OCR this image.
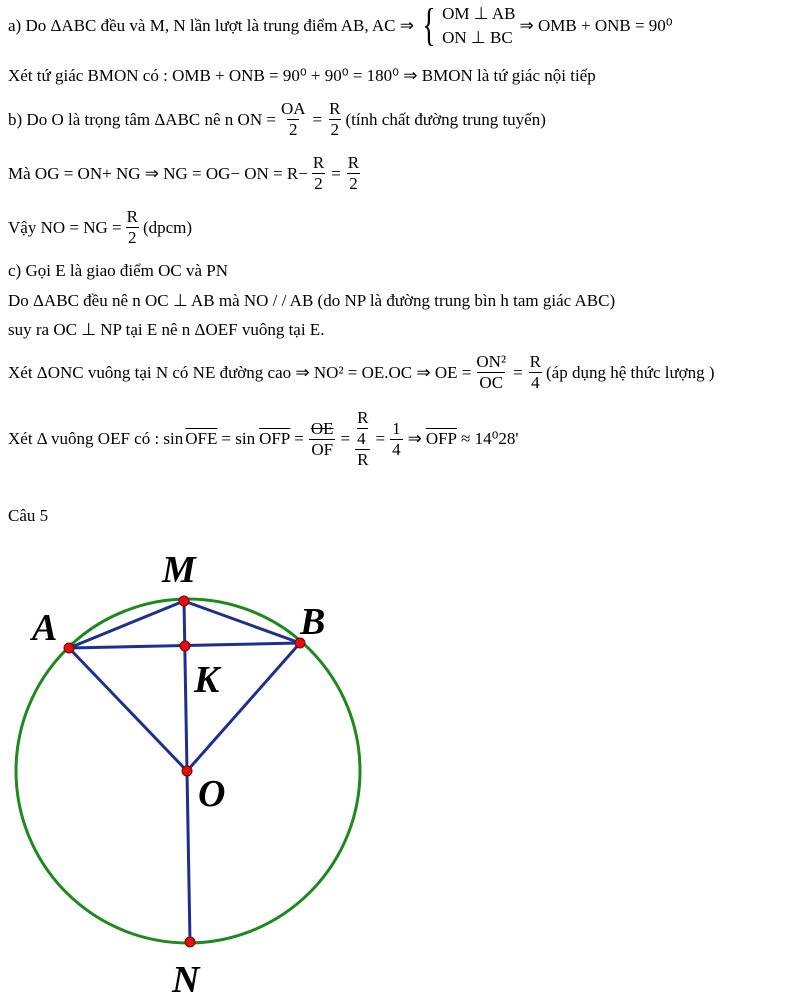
a) Do ΔABC đều và M, N lần lượt là trung điểm AB, AC ⇒ { OM ⊥ AB
ON ⊥ BC
⇒ OMB + ONB = 90⁰
Xét tứ giác BMON có : OMB + ONB = 90⁰ + 90⁰ = 180⁰ ⇒ BMON là tứ giác nội tiếp
b) Do O là trọng tâm ΔABC nê n ON = $\frac{OA}{2} = \frac{R}{2}$ (tính chất đường trung tuyến)
Mà OG = ON+ NG ⇒ NG = OG− ON = $R- \frac{R}{2} = \frac{R}{2}$
Vậy NO = NG = $\frac{R}{2}$ (dpcm)
c) Gọi E là giao điểm OC và PN
Do ΔABC đều nê n OC ⊥ AB mà NO / / AB (do NP là đường trung bìn h tam giác ABC)
suy ra OC ⊥ NP tại E nê n ΔOEF vuông tại E.
Xét ΔONC vuông tại N có NE đường cao ⇒ NO² = OE.OC ⇒ OE = $\frac{\text{ON²}}{OC} = \frac{R}{4}$ (áp dụng hệ thức lượng )
Xét Δ vuông OEF có : $\sin \overline{OFE} = \sin \overline{OFP} = \frac{OE}{OF} = \frac{\frac{R}{4}}{R} = \frac{1}{4}$ ⇒ $\overline{OFP} \approx 14^028'$
Câu 5
M
A	B
K
O
N
